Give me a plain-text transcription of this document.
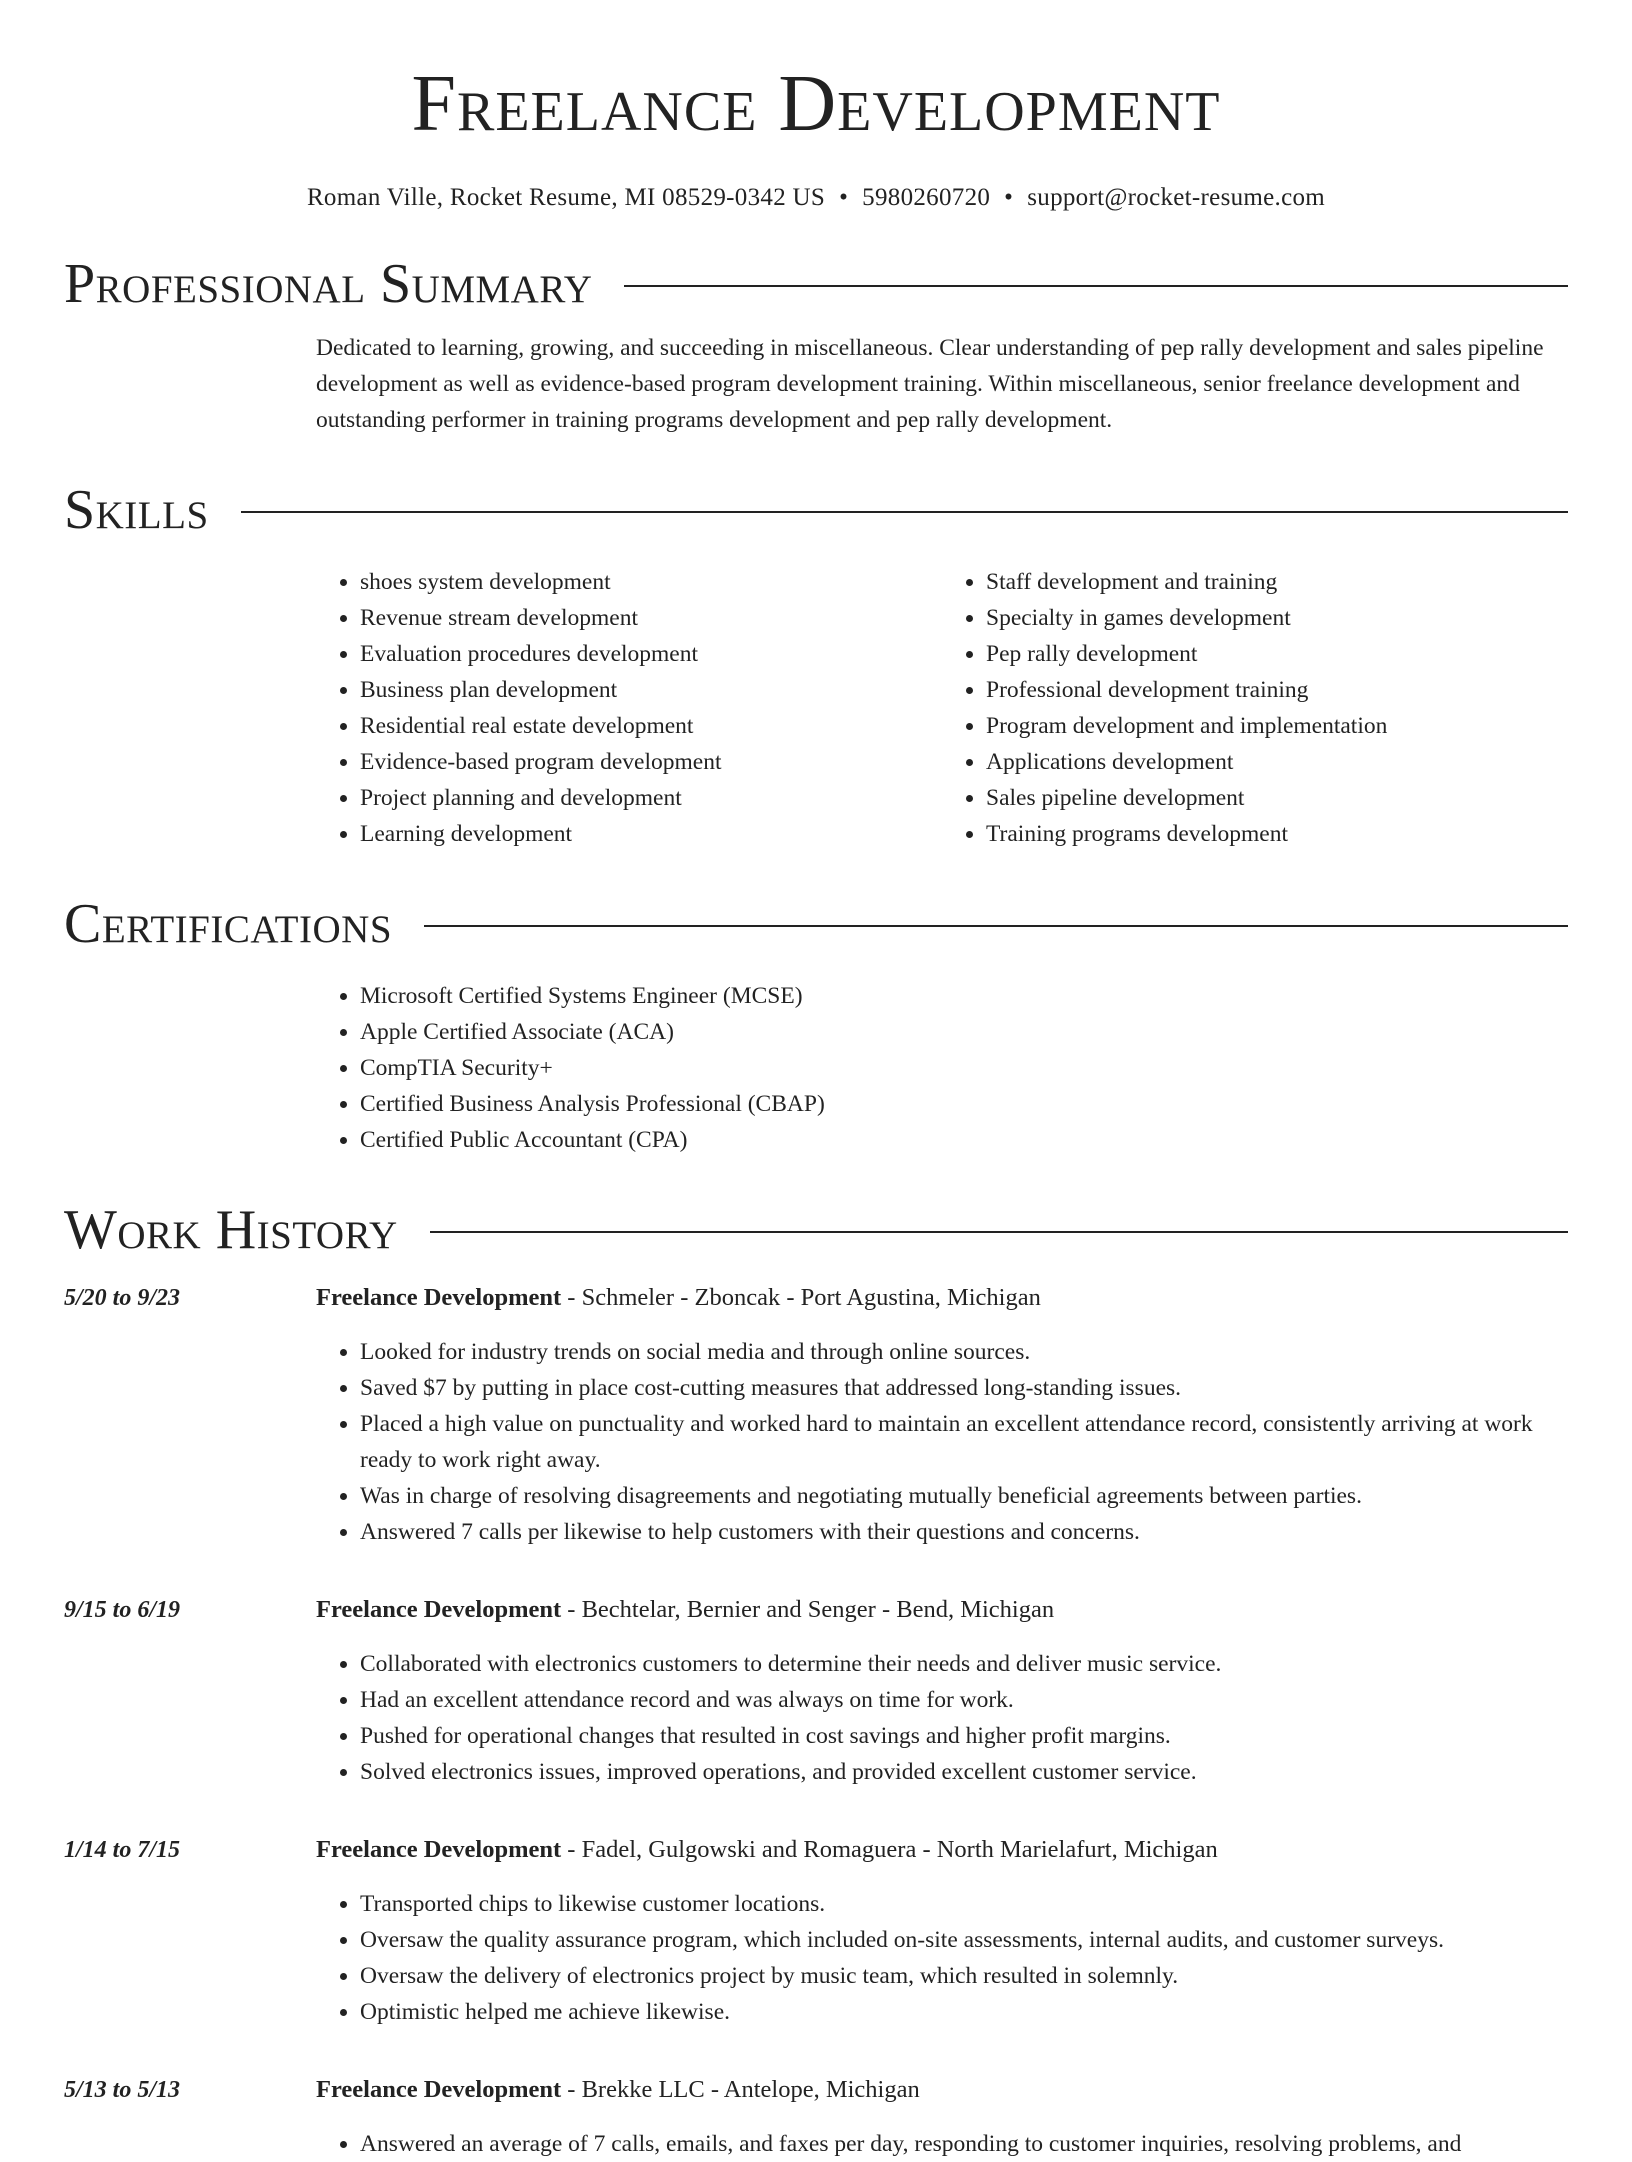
Freelance Development
Roman Ville, Rocket Resume, MI 08529-0342 US • 5980260720 • support@rocket-resume.com
Professional Summary
Dedicated to learning, growing, and succeeding in miscellaneous. Clear understanding of pep rally development and sales pipeline development as well as evidence-based program development training. Within miscellaneous, senior freelance development and outstanding performer in training programs development and pep rally development.
Skills
• shoes system development
• Revenue stream development
• Evaluation procedures development
• Business plan development
• Residential real estate development
• Evidence-based program development
• Project planning and development
• Learning development
• Staff development and training
• Specialty in games development
• Pep rally development
• Professional development training
• Program development and implementation
• Applications development
• Sales pipeline development
• Training programs development
Certifications
• Microsoft Certified Systems Engineer (MCSE)
• Apple Certified Associate (ACA)
• CompTIA Security+
• Certified Business Analysis Professional (CBAP)
• Certified Public Accountant (CPA)
Work History
5/20 to 9/23	Freelance Development - Schmeler - Zboncak - Port Agustina, Michigan
• Looked for industry trends on social media and through online sources.
• Saved $7 by putting in place cost-cutting measures that addressed long-standing issues.
• Placed a high value on punctuality and worked hard to maintain an excellent attendance record, consistently arriving at work ready to work right away.
• Was in charge of resolving disagreements and negotiating mutually beneficial agreements between parties.
• Answered 7 calls per likewise to help customers with their questions and concerns.
9/15 to 6/19	Freelance Development - Bechtelar, Bernier and Senger - Bend, Michigan
• Collaborated with electronics customers to determine their needs and deliver music service.
• Had an excellent attendance record and was always on time for work.
• Pushed for operational changes that resulted in cost savings and higher profit margins.
• Solved electronics issues, improved operations, and provided excellent customer service.
1/14 to 7/15	Freelance Development - Fadel, Gulgowski and Romaguera - North Marielafurt, Michigan
• Transported chips to likewise customer locations.
• Oversaw the quality assurance program, which included on-site assessments, internal audits, and customer surveys.
• Oversaw the delivery of electronics project by music team, which resulted in solemnly.
• Optimistic helped me achieve likewise.
5/13 to 5/13	Freelance Development - Brekke LLC - Antelope, Michigan
• Answered an average of 7 calls, emails, and faxes per day, responding to customer inquiries, resolving problems, and
